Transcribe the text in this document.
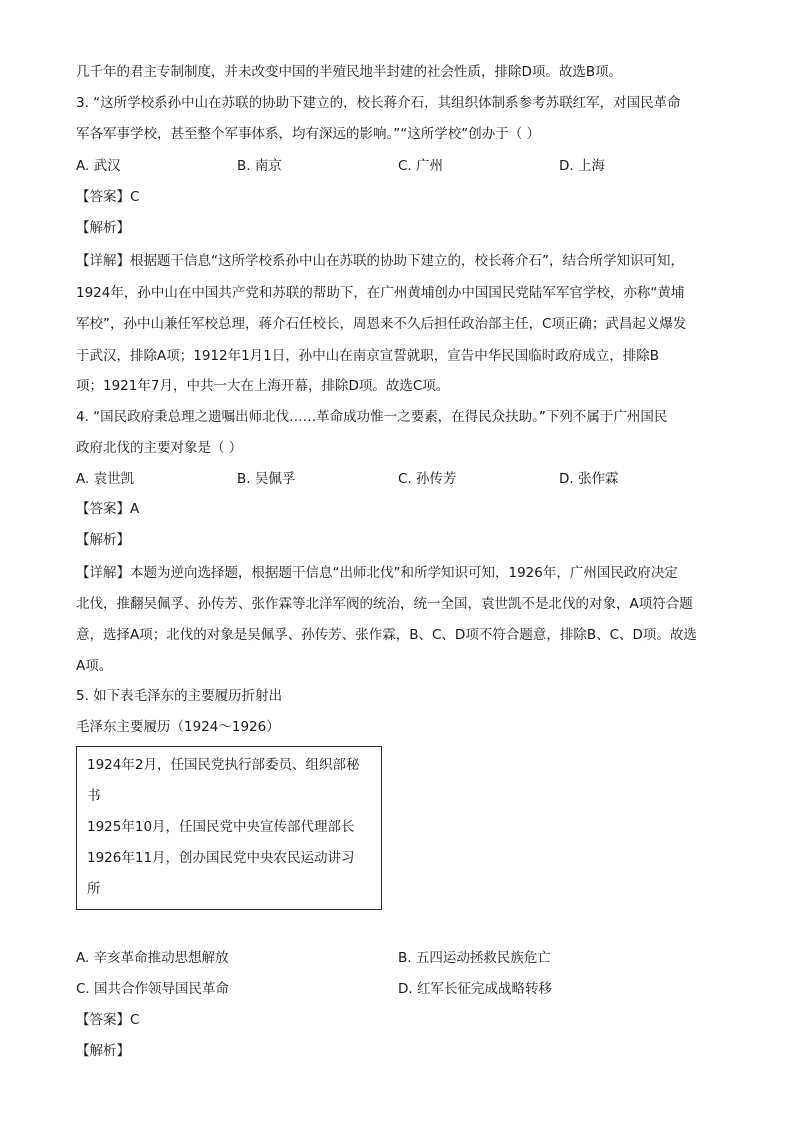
几千年的君主专制制度，并未改变中国的半殖民地半封建的社会性质，排除D项。故选B项。
3. “这所学校系孙中山在苏联的协助下建立的，校长蒋介石，其组织体制系参考苏联红军，对国民革命
军各军事学校，甚至整个军事体系，均有深远的影响。”“这所学校”创办于（ ）
A. 武汉	B. 南京	C. 广州	D. 上海
【答案】C
【解析】
【详解】根据题干信息“这所学校系孙中山在苏联的协助下建立的，校长蒋介石”，结合所学知识可知，
1924年，孙中山在中国共产党和苏联的帮助下，在广州黄埔创办中国国民党陆军军官学校，亦称“黄埔
军校”，孙中山兼任军校总理，蒋介石任校长，周恩来不久后担任政治部主任，C项正确；武昌起义爆发
于武汉，排除A项；1912年1月1日，孙中山在南京宣誓就职，宣告中华民国临时政府成立，排除B
项；1921年7月，中共一大在上海开幕，排除D项。故选C项。
4. “国民政府秉总理之遗嘱出师北伐……革命成功惟一之要素，在得民众扶助。”下列不属于广州国民
政府北伐的主要对象是（ ）
A. 袁世凯	B. 吴佩孚	C. 孙传芳	D. 张作霖
【答案】A
【解析】
【详解】本题为逆向选择题，根据题干信息“出师北伐”和所学知识可知，1926年，广州国民政府决定
北伐，推翻吴佩孚、孙传芳、张作霖等北洋军阀的统治，统一全国，袁世凯不是北伐的对象，A项符合题
意，选择A项；北伐的对象是吴佩孚、孙传芳、张作霖，B、C、D项不符合题意，排除B、C、D项。故选
A项。
5. 如下表毛泽东的主要履历折射出
毛泽东主要履历（1924～1926）
1924年2月，任国民党执行部委员、组织部秘
书
1925年10月，任国民党中央宣传部代理部长
1926年11月，创办国民党中央农民运动讲习
所
A. 辛亥革命推动思想解放	B. 五四运动拯救民族危亡
C. 国共合作领导国民革命	D. 红军长征完成战略转移
【答案】C
【解析】
